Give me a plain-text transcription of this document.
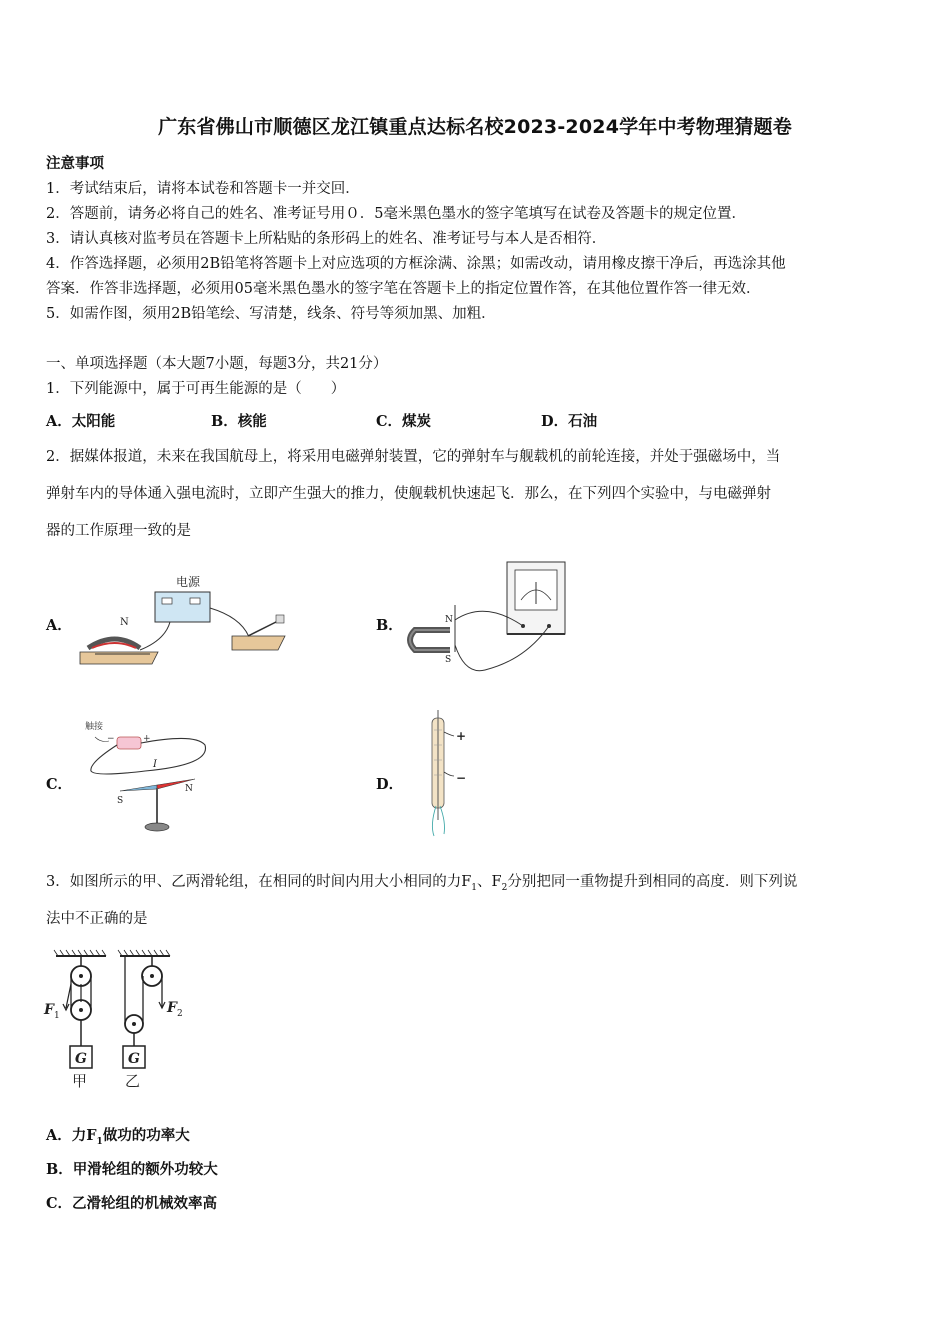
广东省佛山市顺德区龙江镇重点达标名校2023-2024学年中考物理猜题卷
注意事项
1．考试结束后，请将本试卷和答题卡一并交回．
2．答题前，请务必将自己的姓名、准考证号用０．5毫米黑色墨水的签字笔填写在试卷及答题卡的规定位置．
3．请认真核对监考员在答题卡上所粘贴的条形码上的姓名、准考证号与本人是否相符．
4．作答选择题，必须用2B铅笔将答题卡上对应选项的方框涂满、涂黑；如需改动，请用橡皮擦干净后，再选涂其他
答案．作答非选择题，必须用05毫米黑色墨水的签字笔在答题卡上的指定位置作答，在其他位置作答一律无效．
5．如需作图，须用2B铅笔绘、写清楚，线条、符号等须加黑、加粗．
一、单项选择题（本大题7小题，每题3分，共21分）
1．下列能源中，属于可再生能源的是（　　）
A．太阳能	B．核能	C．煤炭	D．石油
2．据媒体报道，未来在我国航母上，将采用电磁弹射装置，它的弹射车与舰载机的前轮连接，并处于强磁场中，当
弹射车内的导体通入强电流时，立即产生强大的推力，使舰载机快速起飞．那么，在下列四个实验中，与电磁弹射
器的工作原理一致的是
A．	B．
C．	D．
电源
N	N
S
触接
−	+
I
S
N
+
−
3．如图所示的甲、乙两滑轮组，在相同的时间内用大小相同的力$F_1$、$F_2$分别把同一重物提升到相同的高度．则下列说
法中不正确的是
F 1
G
甲
F 2
G
乙
A．力$F_1$做功的功率大
B．甲滑轮组的额外功较大
C．乙滑轮组的机械效率高
